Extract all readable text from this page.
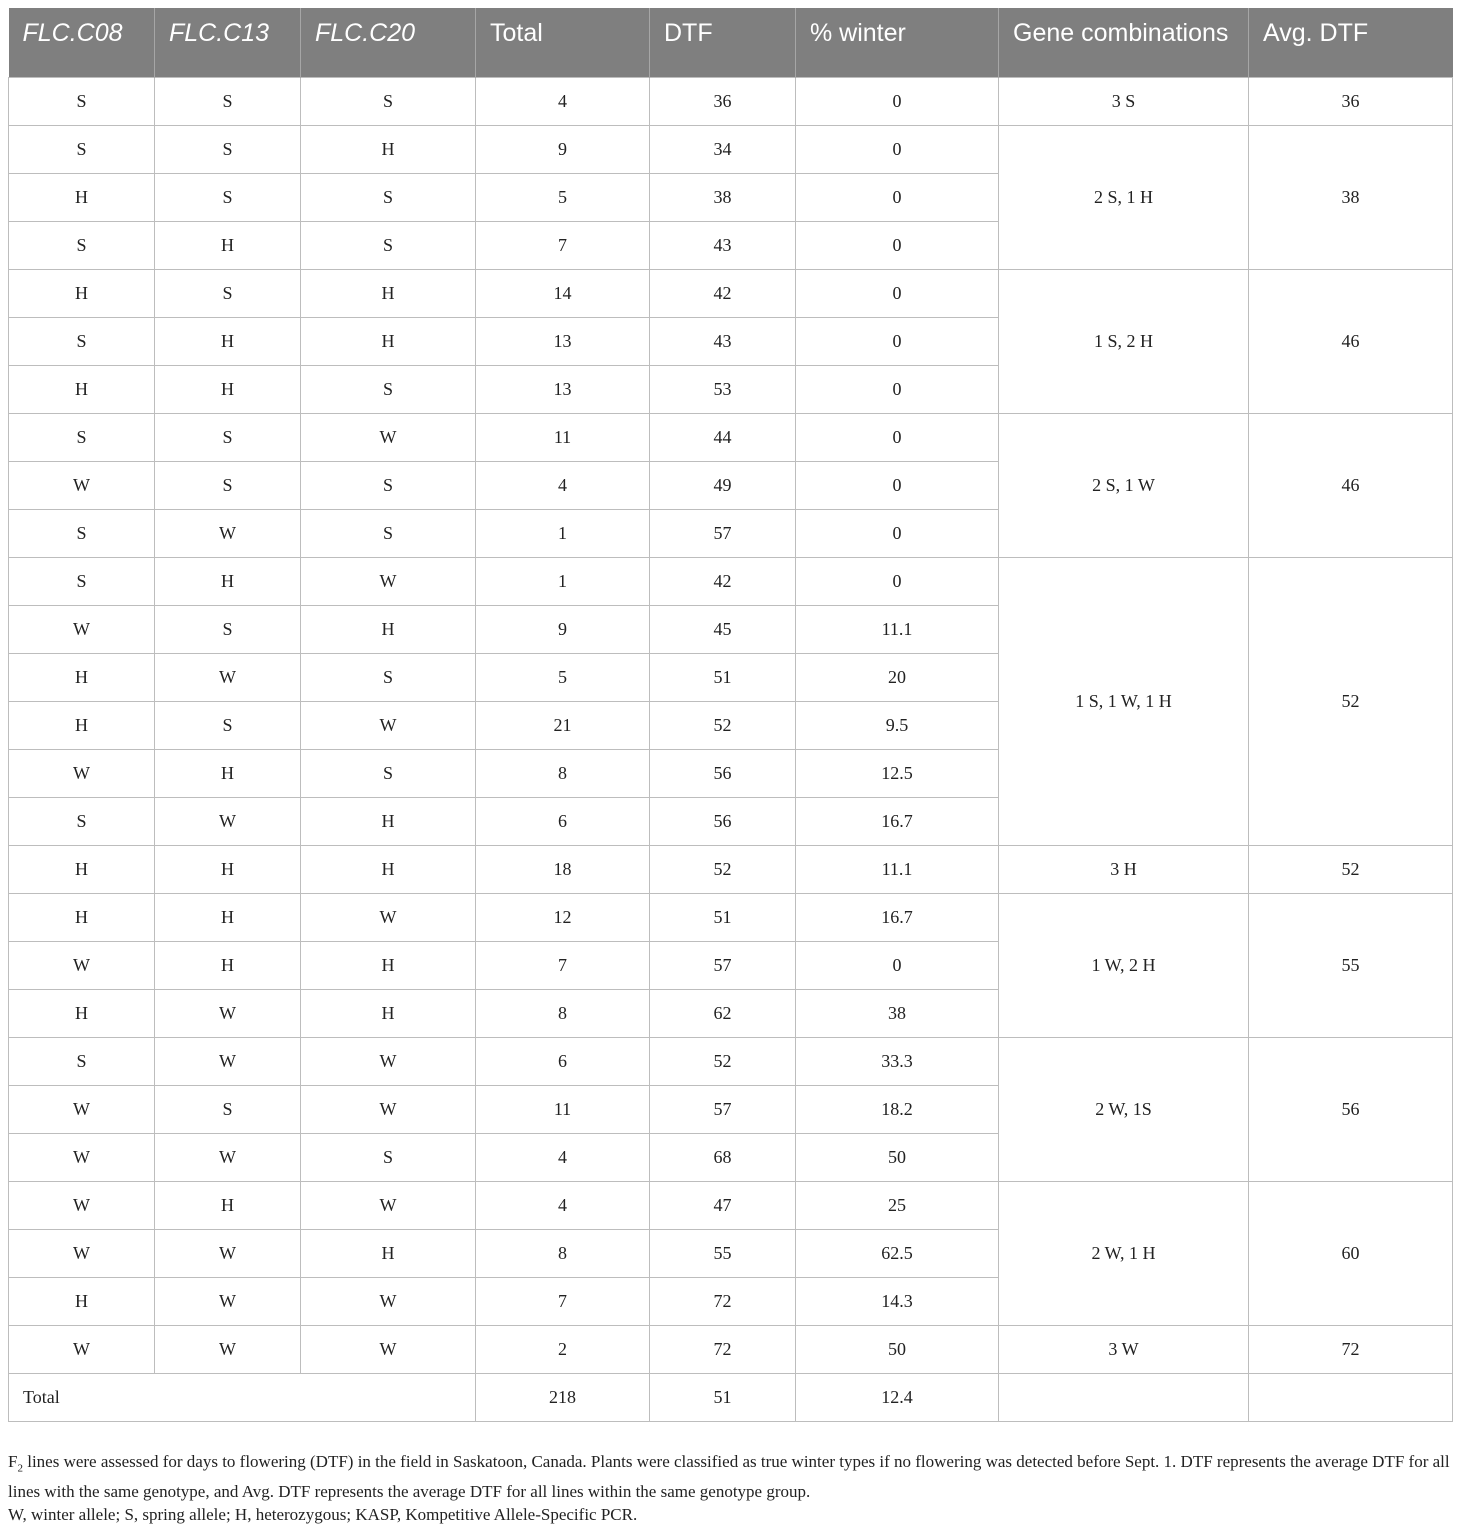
FLC.C08	FLC.C13	FLC.C20	Total	DTF	% winter	Gene combinations	Avg. DTF
S	S	S	4	36	0	3 S	36
S	S	H	9	34	0	2 S, 1 H	38
H	S	S	5	38	0		
S	H	S	7	43	0		
H	S	H	14	42	0	1 S, 2 H	46
S	H	H	13	43	0		
H	H	S	13	53	0		
S	S	W	11	44	0	2 S, 1 W	46
W	S	S	4	49	0		
S	W	S	1	57	0		
S	H	W	1	42	0	1 S, 1 W, 1 H	52
W	S	H	9	45	11.1		
H	W	S	5	51	20		
H	S	W	21	52	9.5		
W	H	S	8	56	12.5		
S	W	H	6	56	16.7		
H	H	H	18	52	11.1	3 H	52
H	H	W	12	51	16.7	1 W, 2 H	55
W	H	H	7	57	0		
H	W	H	8	62	38		
S	W	W	6	52	33.3	2 W, 1S	56
W	S	W	11	57	18.2		
W	W	S	4	68	50		
W	H	W	4	47	25	2 W, 1 H	60
W	W	H	8	55	62.5		
H	W	W	7	72	14.3		
W	W	W	2	72	50	3 W	72
Total			218	51	12.4		

$F_2$ lines were assessed for days to flowering (DTF) in the field in Saskatoon, Canada. Plants were classified as true winter types if no flowering was detected before Sept. 1. DTF represents the average DTF for all lines with the same genotype, and Avg. DTF represents the average DTF for all lines within the same genotype group.

W, winter allele; S, spring allele; H, heterozygous; KASP, Kompetitive Allele-Specific PCR.
